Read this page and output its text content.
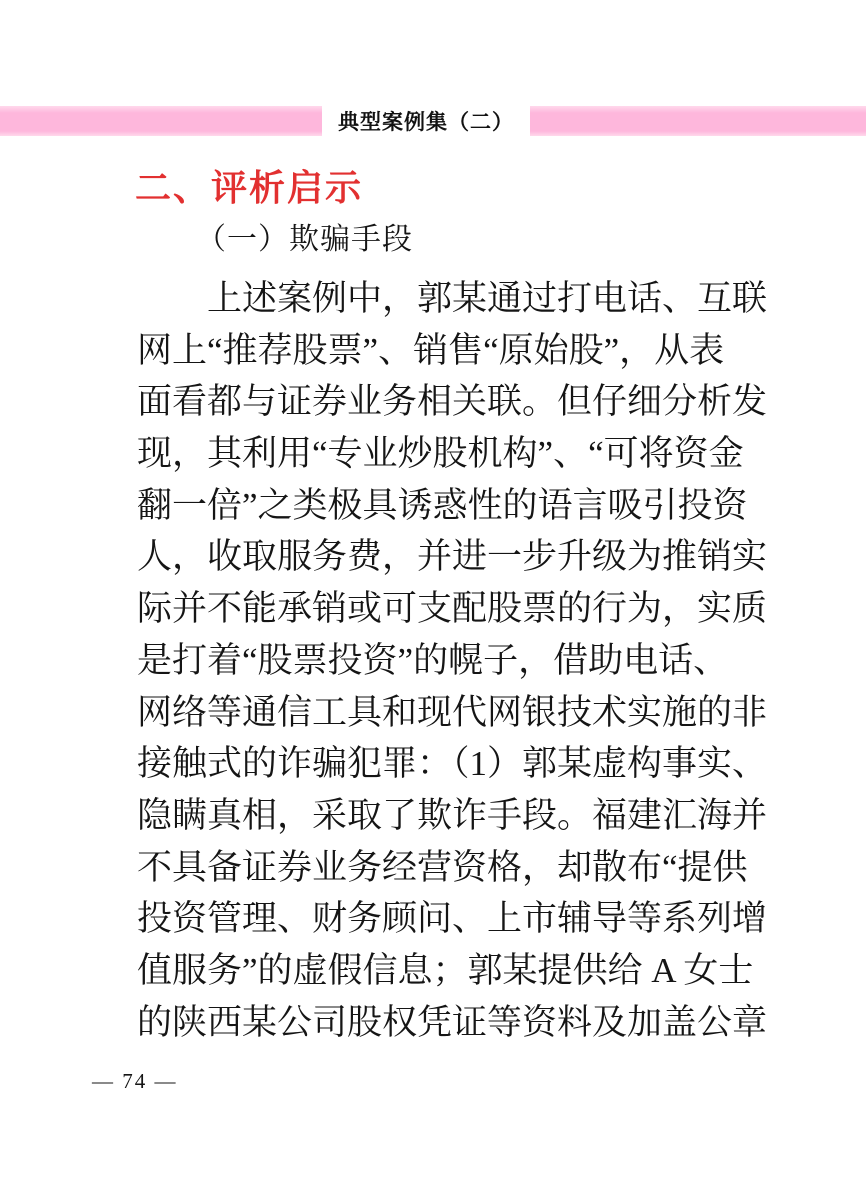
典型案例集（二）
二、评析启示
（一）欺骗手段
上述案例中，郭某通过打电话、互联
网上“推荐股票”、销售“原始股”，从表
面看都与证券业务相关联。但仔细分析发
现，其利用“专业炒股机构”、“可将资金
翻一倍”之类极具诱惑性的语言吸引投资
人，收取服务费，并进一步升级为推销实
际并不能承销或可支配股票的行为，实质
是打着“股票投资”的幌子，借助电话、
网络等通信工具和现代网银技术实施的非
接触式的诈骗犯罪：（1）郭某虚构事实、
隐瞒真相，采取了欺诈手段。福建汇海并
不具备证券业务经营资格，却散布“提供
投资管理、财务顾问、上市辅导等系列增
值服务”的虚假信息；郭某提供给 A 女士
的陕西某公司股权凭证等资料及加盖公章
— 74 —
